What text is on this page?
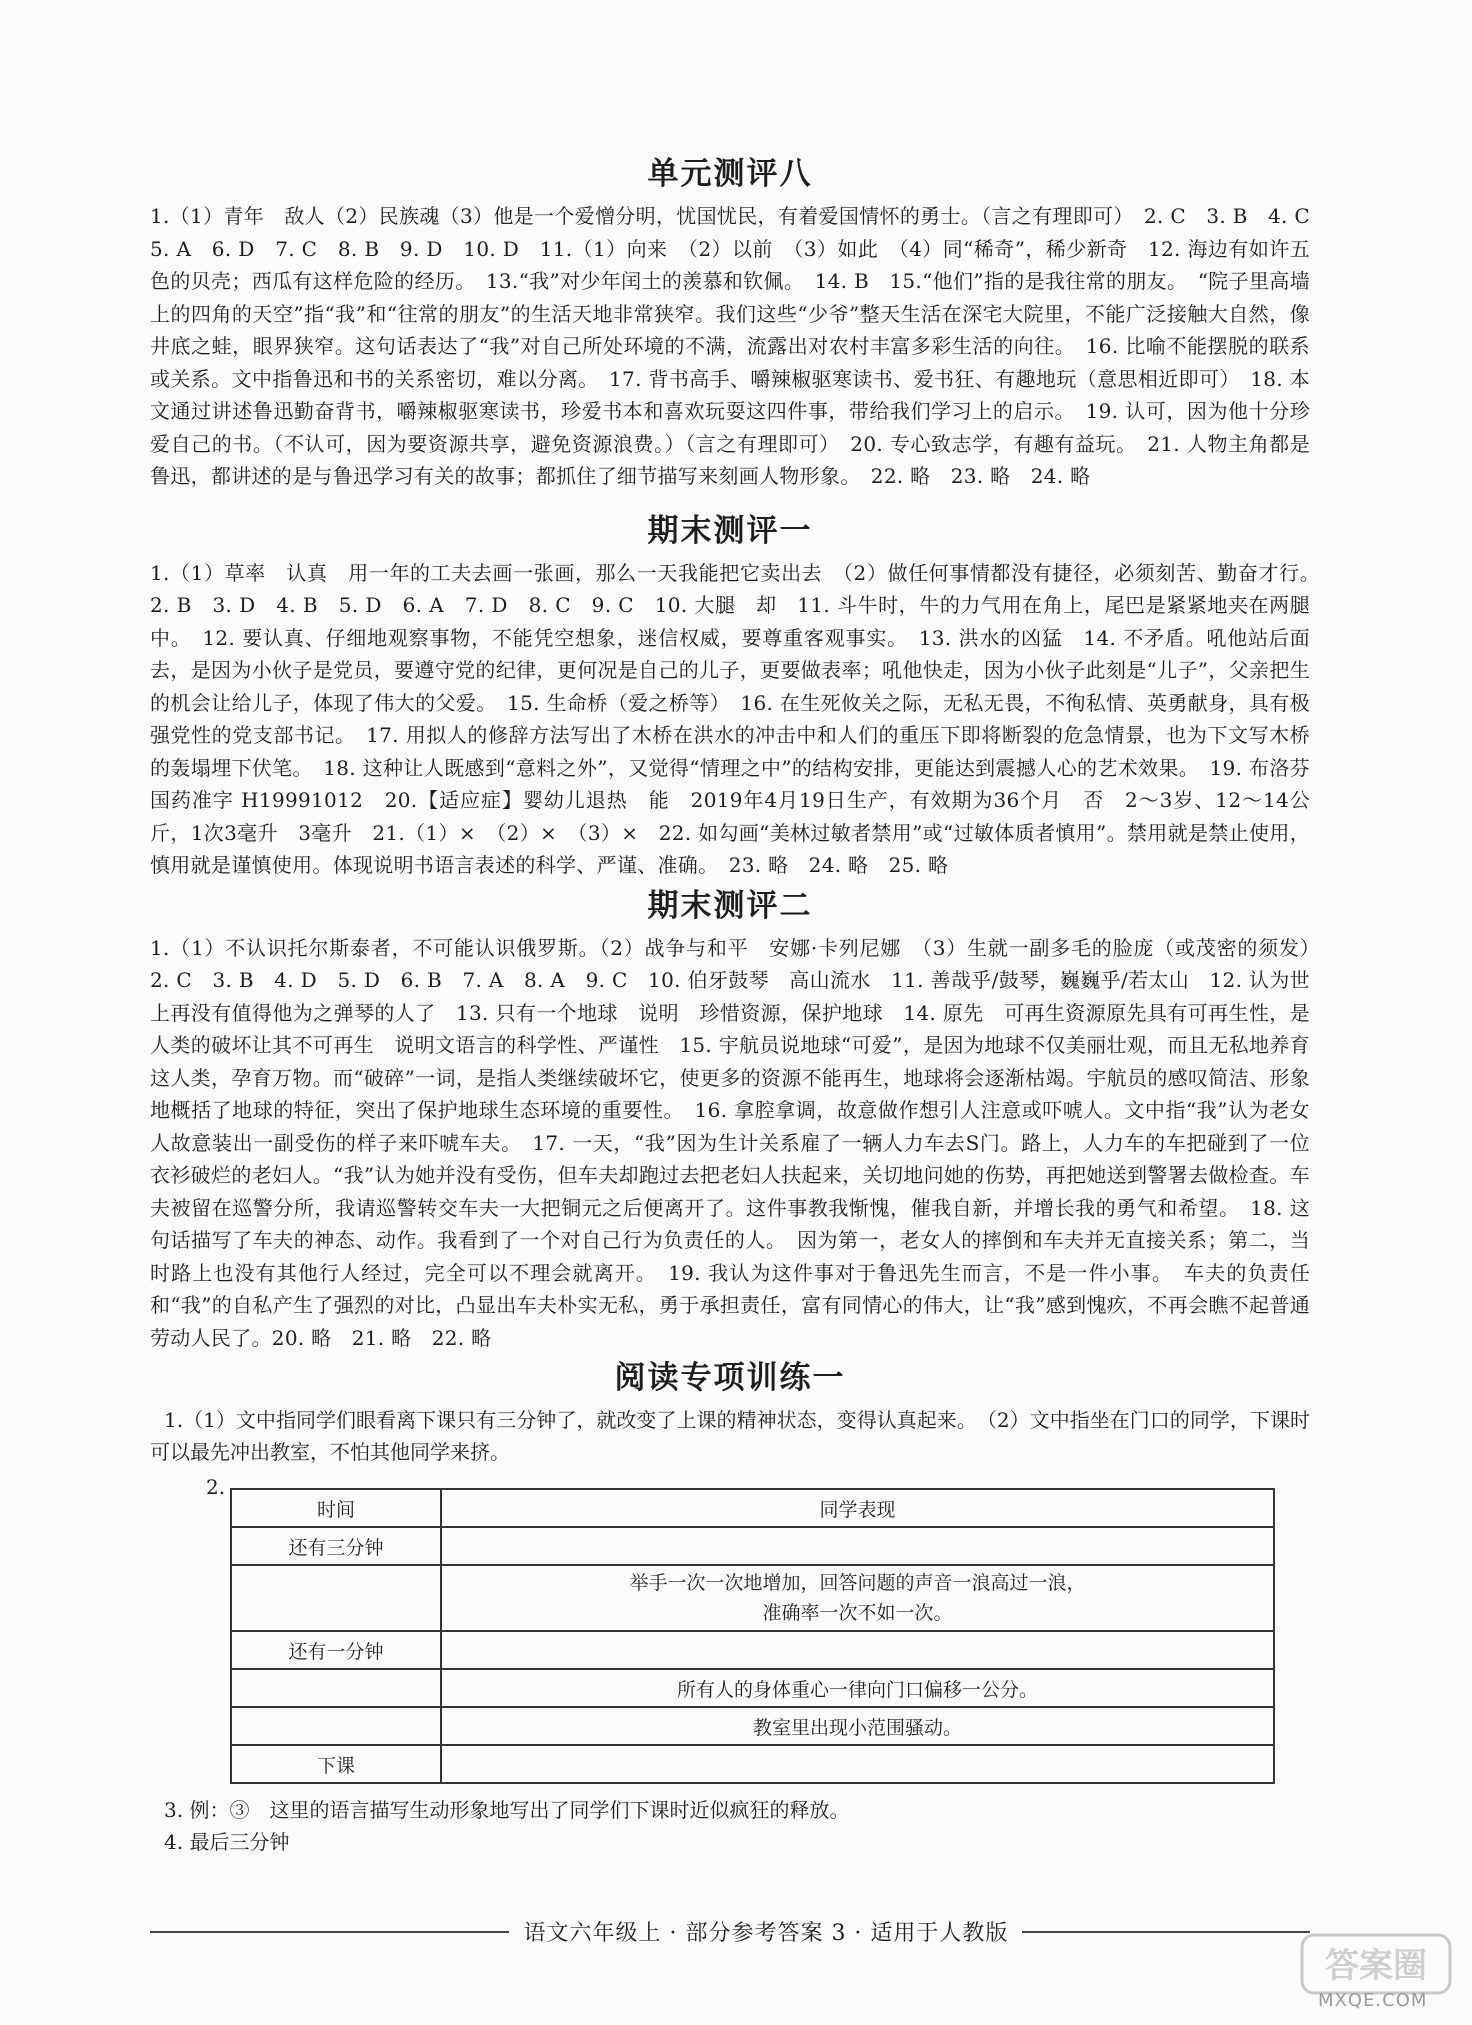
单元测评八

1.（1）青年　敌人（2）民族魂（3）他是一个爱憎分明，忧国忧民，有着爱国情怀的勇士。（言之有理即可）　2. C　3. B　4. C　5. A　6. D　7. C　8. B　9. D　10. D　11.（1）向来　（2）以前　（3）如此　（4）同“稀奇”，稀少新奇　12. 海边有如许五色的贝壳；西瓜有这样危险的经历。　13.“我”对少年闰土的羡慕和钦佩。　14. B　15.“他们”指的是我往常的朋友。　“院子里高墙上的四角的天空”指“我”和“往常的朋友”的生活天地非常狭窄。我们这些“少爷”整天生活在深宅大院里，不能广泛接触大自然，像井底之蛙，眼界狭窄。这句话表达了“我”对自己所处环境的不满，流露出对农村丰富多彩生活的向往。　16. 比喻不能摆脱的联系或关系。文中指鲁迅和书的关系密切，难以分离。　17. 背书高手、嚼辣椒驱寒读书、爱书狂、有趣地玩（意思相近即可）　18. 本文通过讲述鲁迅勤奋背书，嚼辣椒驱寒读书，珍爱书本和喜欢玩耍这四件事，带给我们学习上的启示。　19. 认可，因为他十分珍爱自己的书。（不认可，因为要资源共享，避免资源浪费。）（言之有理即可）　20. 专心致志学，有趣有益玩。　21. 人物主角都是鲁迅，都讲述的是与鲁迅学习有关的故事；都抓住了细节描写来刻画人物形象。　22. 略　23. 略　24. 略

期末测评一

1.（1）草率　认真　用一年的工夫去画一张画，那么一天我能把它卖出去　（2）做任何事情都没有捷径，必须刻苦、勤奋才行。　2. B　3. D　4. B　5. D　6. A　7. D　8. C　9. C　10. 大腿　却　11. 斗牛时，牛的力气用在角上，尾巴是紧紧地夹在两腿中。　12. 要认真、仔细地观察事物，不能凭空想象，迷信权威，要尊重客观事实。　13. 洪水的凶猛　14. 不矛盾。吼他站后面去，是因为小伙子是党员，要遵守党的纪律，更何况是自己的儿子，更要做表率；吼他快走，因为小伙子此刻是“儿子”，父亲把生的机会让给儿子，体现了伟大的父爱。　15. 生命桥（爱之桥等）　16. 在生死攸关之际，无私无畏，不徇私情、英勇献身，具有极强党性的党支部书记。　17. 用拟人的修辞方法写出了木桥在洪水的冲击中和人们的重压下即将断裂的危急情景，也为下文写木桥的轰塌埋下伏笔。　18. 这种让人既感到“意料之外”，又觉得“情理之中”的结构安排，更能达到震撼人心的艺术效果。　19. 布洛芬　国药准字 H19991012　20.【适应症】婴幼儿退热　能　2019年4月19日生产，有效期为36个月　否　2～3岁、12～14公斤，1次3毫升　3毫升　21.（1）×　（2）×　（3）×　22. 如勾画“美林过敏者禁用”或“过敏体质者慎用”。禁用就是禁止使用，慎用就是谨慎使用。体现说明书语言表述的科学、严谨、准确。　23. 略　24. 略　25. 略

期末测评二

1.（1）不认识托尔斯泰者，不可能认识俄罗斯。（2）战争与和平　安娜·卡列尼娜　（3）生就一副多毛的脸庞（或茂密的须发）　2. C　3. B　4. D　5. D　6. B　7. A　8. A　9. C　10. 伯牙鼓琴　高山流水　11. 善哉乎/鼓琴，巍巍乎/若太山　12. 认为世上再没有值得他为之弹琴的人了　13. 只有一个地球　说明　珍惜资源，保护地球　14. 原先　可再生资源原先具有可再生性，是人类的破坏让其不可再生　说明文语言的科学性、严谨性　15. 宇航员说地球“可爱”，是因为地球不仅美丽壮观，而且无私地养育这人类，孕育万物。而“破碎”一词，是指人类继续破坏它，使更多的资源不能再生，地球将会逐渐枯竭。宇航员的感叹简洁、形象地概括了地球的特征，突出了保护地球生态环境的重要性。　16. 拿腔拿调，故意做作想引人注意或吓唬人。文中指“我”认为老女人故意装出一副受伤的样子来吓唬车夫。　17. 一天，“我”因为生计关系雇了一辆人力车去S门。路上，人力车的车把碰到了一位衣衫破烂的老妇人。“我”认为她并没有受伤，但车夫却跑过去把老妇人扶起来，关切地问她的伤势，再把她送到警署去做检查。车夫被留在巡警分所，我请巡警转交车夫一大把铜元之后便离开了。这件事教我惭愧，催我自新，并增长我的勇气和希望。　18. 这句话描写了车夫的神态、动作。我看到了一个对自己行为负责任的人。　因为第一，老女人的摔倒和车夫并无直接关系；第二，当时路上也没有其他行人经过，完全可以不理会就离开。　19. 我认为这件事对于鲁迅先生而言，不是一件小事。　车夫的负责任和“我”的自私产生了强烈的对比，凸显出车夫朴实无私，勇于承担责任，富有同情心的伟大，让“我”感到愧疚，不再会瞧不起普通劳动人民了。20. 略　21. 略　22. 略

阅读专项训练一

1.（1）文中指同学们眼看离下课只有三分钟了，就改变了上课的精神状态，变得认真起来。　（2）文中指坐在门口的同学，下课时可以最先冲出教室，不怕其他同学来挤。

2.
时间	同学表现
还有三分钟	
	举手一次一次地增加，回答问题的声音一浪高过一浪，
准确率一次不如一次。
还有一分钟	
	所有人的身体重心一律向门口偏移一公分。
	教室里出现小范围骚动。
下课	

3. 例：③　这里的语言描写生动形象地写出了同学们下课时近似疯狂的释放。

4. 最后三分钟

语文六年级上 · 部分参考答案 3 · 适用于人教版
答案圈
MXQE.COM
